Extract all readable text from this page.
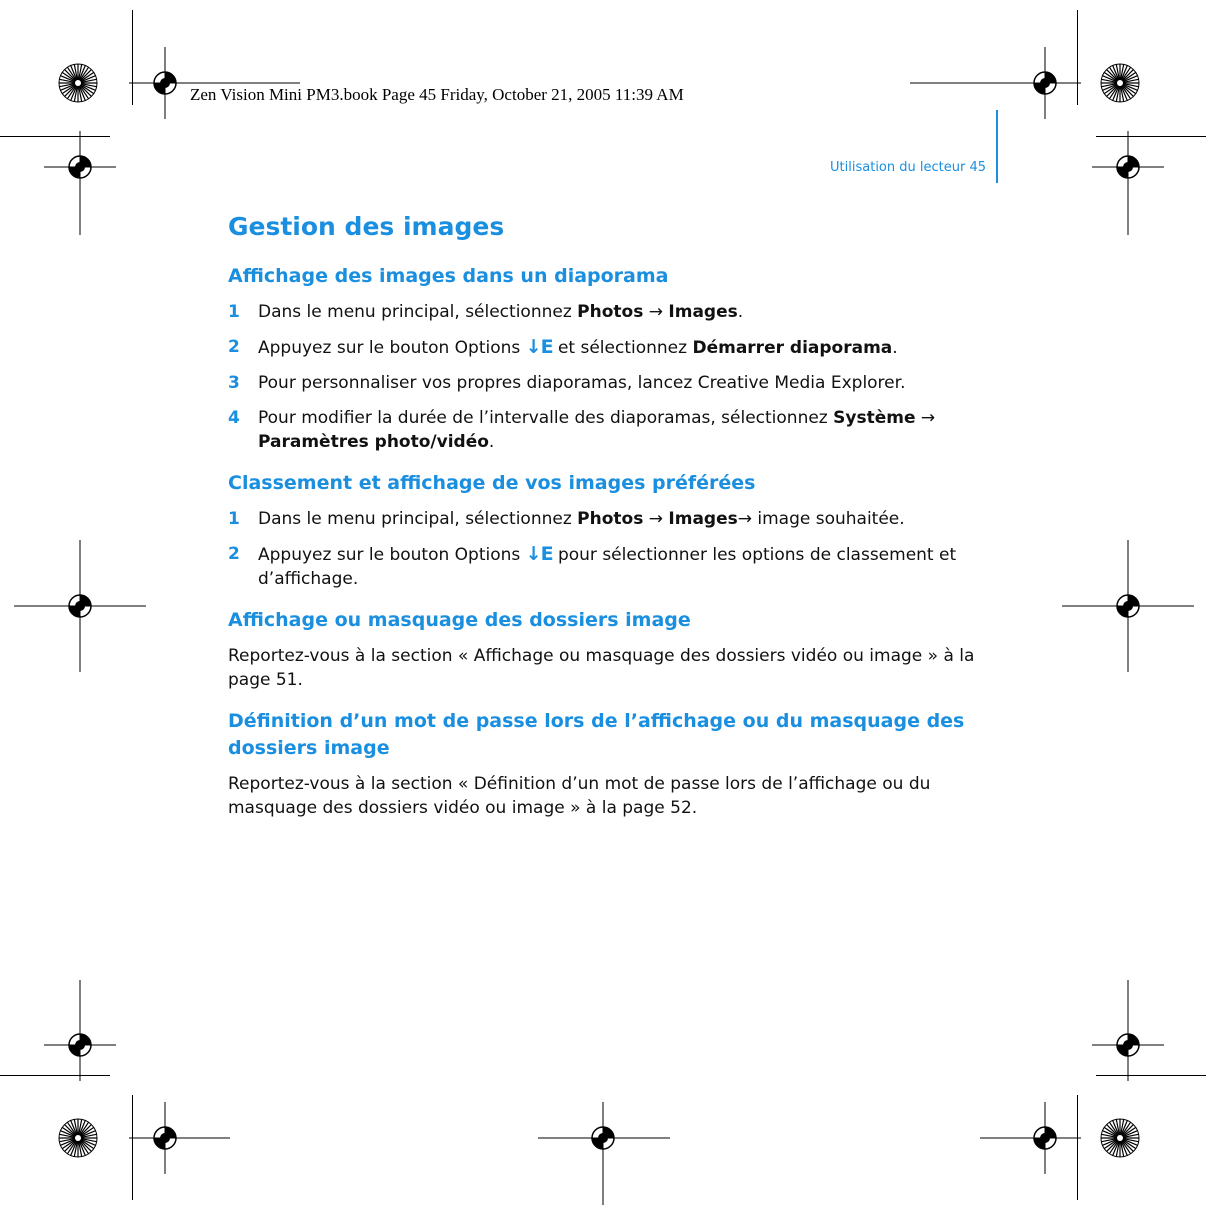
Zen Vision Mini PM3.book Page 45 Friday, October 21, 2005 11:39 AM
Utilisation du lecteur 45
Gestion des images
Affichage des images dans un diaporama
1 Dans le menu principal, sélectionnez Photos → Images.
2 Appuyez sur le bouton Options ↓E et sélectionnez Démarrer diaporama.
3 Pour personnaliser vos propres diaporamas, lancez Creative Media Explorer.
4 Pour modifier la durée de l’intervalle des diaporamas, sélectionnez Système → Paramètres photo/vidéo.
Classement et affichage de vos images préférées
1 Dans le menu principal, sélectionnez Photos → Images→ image souhaitée.
2 Appuyez sur le bouton Options ↓E pour sélectionner les options de classement et d’affichage.
Affichage ou masquage des dossiers image

Reportez-vous à la section « Affichage ou masquage des dossiers vidéo ou image » à la page 51.

Définition d’un mot de passe lors de l’affichage ou du masquage des dossiers image

Reportez-vous à la section « Définition d’un mot de passe lors de l’affichage ou du masquage des dossiers vidéo ou image » à la page 52.
